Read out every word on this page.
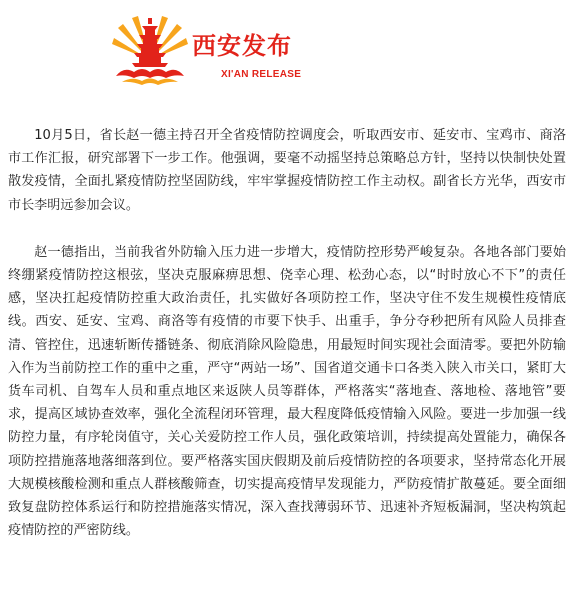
西安发布
XI'AN RELEASE

10月5日，省长赵一德主持召开全省疫情防控调度会，听取西安市、延安市、宝鸡市、商洛市工作汇报，研究部署下一步工作。他强调，要毫不动摇坚持总策略总方针，坚持以快制快处置散发疫情，全面扎紧疫情防控坚固防线，牢牢掌握疫情防控工作主动权。副省长方光华，西安市市长李明远参加会议。

赵一德指出，当前我省外防输入压力进一步增大，疫情防控形势严峻复杂。各地各部门要始终绷紧疫情防控这根弦，坚决克服麻痹思想、侥幸心理、松劲心态，以“时时放心不下”的责任感，坚决扛起疫情防控重大政治责任，扎实做好各项防控工作，坚决守住不发生规模性疫情底线。西安、延安、宝鸡、商洛等有疫情的市要下快手、出重手，争分夺秒把所有风险人员排查清、管控住，迅速斩断传播链条、彻底消除风险隐患，用最短时间实现社会面清零。要把外防输入作为当前防控工作的重中之重，严守“两站一场”、国省道交通卡口各类入陕入市关口，紧盯大货车司机、自驾车人员和重点地区来返陕人员等群体，严格落实“落地查、落地检、落地管”要求，提高区域协查效率，强化全流程闭环管理，最大程度降低疫情输入风险。要进一步加强一线防控力量，有序轮岗值守，关心关爱防控工作人员，强化政策培训，持续提高处置能力，确保各项防控措施落地落细落到位。要严格落实国庆假期及前后疫情防控的各项要求，坚持常态化开展大规模核酸检测和重点人群核酸筛查，切实提高疫情早发现能力，严防疫情扩散蔓延。要全面细致复盘防控体系运行和防控措施落实情况，深入查找薄弱环节、迅速补齐短板漏洞，坚决构筑起疫情防控的严密防线。
